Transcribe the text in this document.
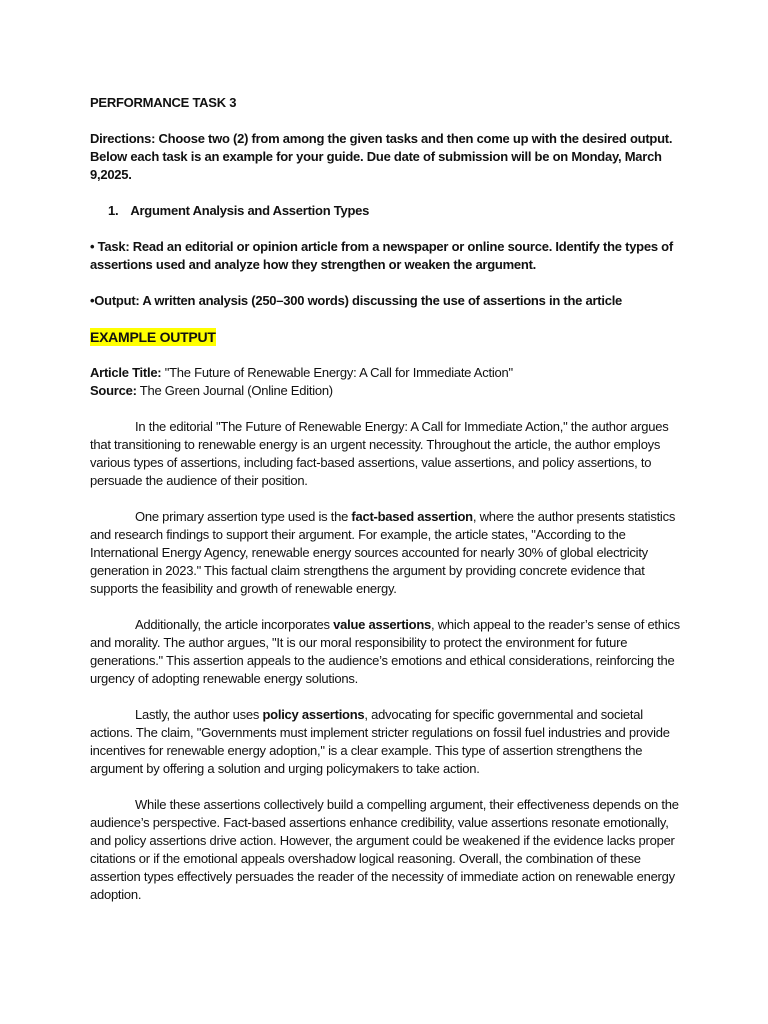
PERFORMANCE TASK 3
Directions: Choose two (2) from among the given tasks and then come up with the desired output. Below each task is an example for your guide. Due date of submission will be on Monday, March 9,2025.
1. Argument Analysis and Assertion Types
• Task: Read an editorial or opinion article from a newspaper or online source. Identify the types of assertions used and analyze how they strengthen or weaken the argument.
•Output: A written analysis (250–300 words) discussing the use of assertions in the article
EXAMPLE OUTPUT
Article Title: "The Future of Renewable Energy: A Call for Immediate Action"
Source: The Green Journal (Online Edition)

In the editorial "The Future of Renewable Energy: A Call for Immediate Action," the author argues that transitioning to renewable energy is an urgent necessity. Throughout the article, the author employs various types of assertions, including fact-based assertions, value assertions, and policy assertions, to persuade the audience of their position.

One primary assertion type used is the fact-based assertion, where the author presents statistics and research findings to support their argument. For example, the article states, "According to the International Energy Agency, renewable energy sources accounted for nearly 30% of global electricity generation in 2023." This factual claim strengthens the argument by providing concrete evidence that supports the feasibility and growth of renewable energy.

Additionally, the article incorporates value assertions, which appeal to the reader’s sense of ethics and morality. The author argues, "It is our moral responsibility to protect the environment for future generations." This assertion appeals to the audience’s emotions and ethical considerations, reinforcing the urgency of adopting renewable energy solutions.

Lastly, the author uses policy assertions, advocating for specific governmental and societal actions. The claim, "Governments must implement stricter regulations on fossil fuel industries and provide incentives for renewable energy adoption," is a clear example. This type of assertion strengthens the argument by offering a solution and urging policymakers to take action.

While these assertions collectively build a compelling argument, their effectiveness depends on the audience’s perspective. Fact-based assertions enhance credibility, value assertions resonate emotionally, and policy assertions drive action. However, the argument could be weakened if the evidence lacks proper citations or if the emotional appeals overshadow logical reasoning. Overall, the combination of these assertion types effectively persuades the reader of the necessity of immediate action on renewable energy adoption.
